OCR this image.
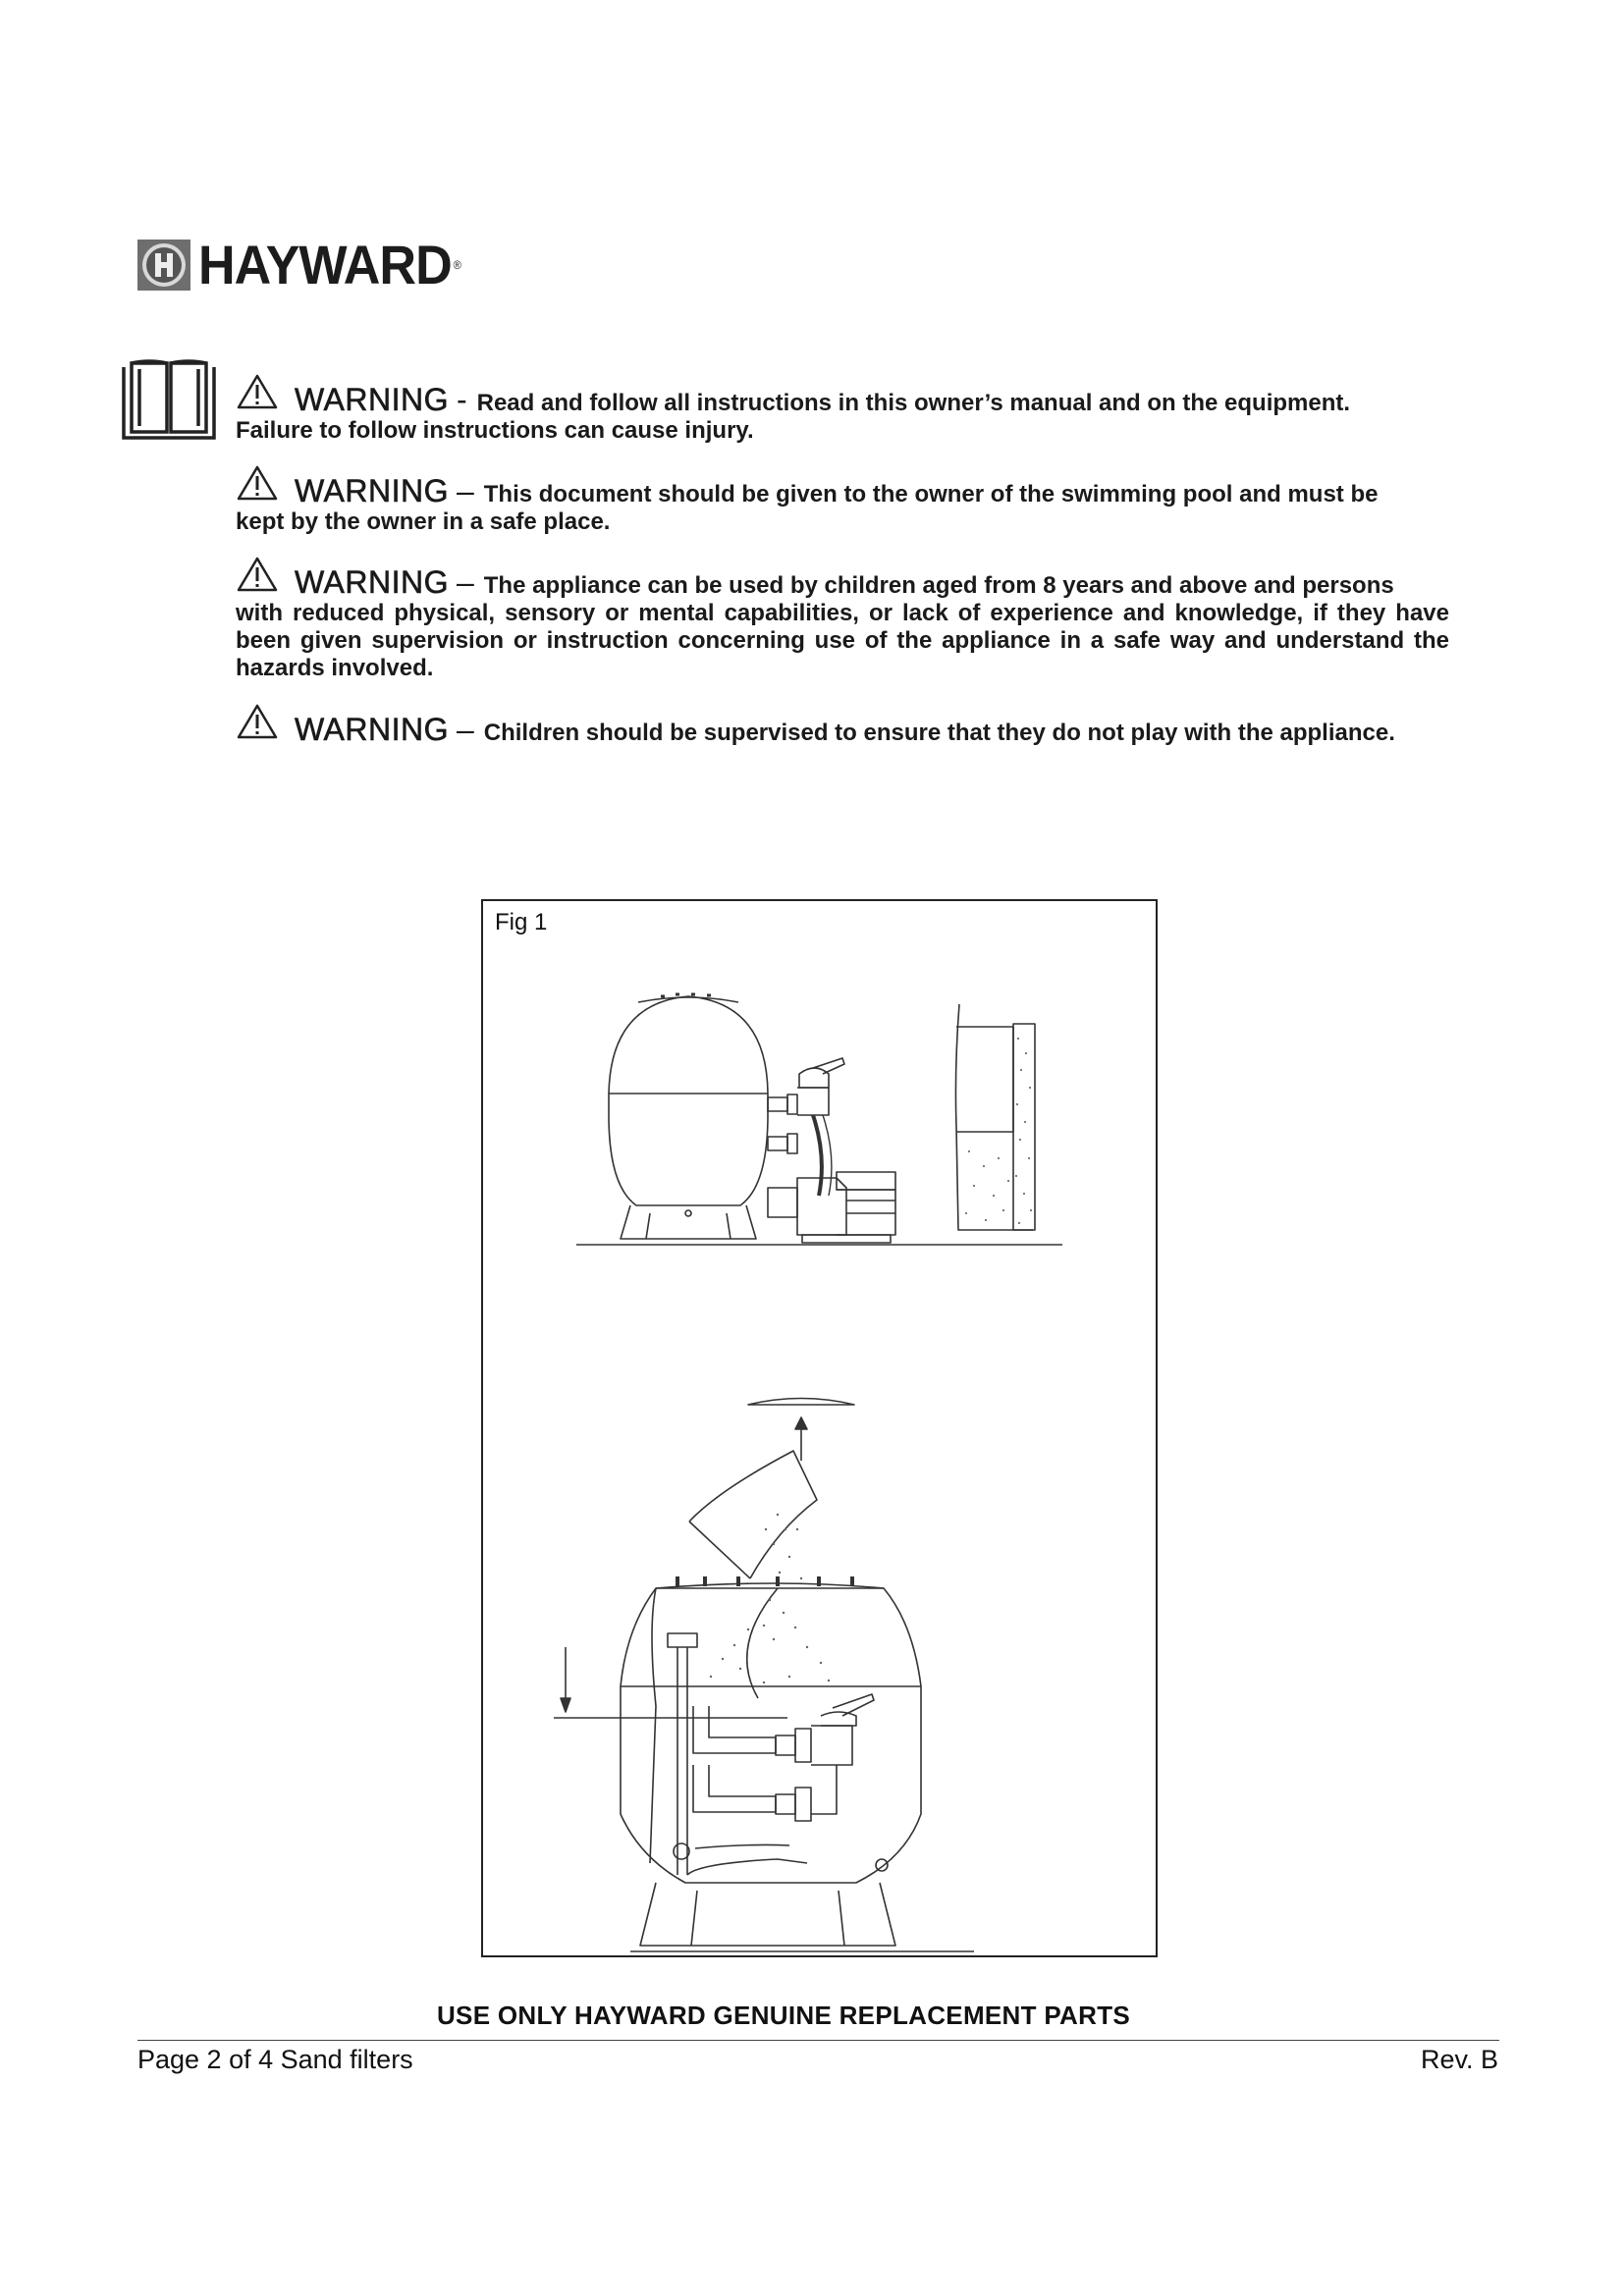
HAYWARD ®

WARNING - Read and follow all instructions in this owner’s manual and on the equipment.

Failure to follow instructions can cause injury.

WARNING – This document should be given to the owner of the swimming pool and must be

kept by the owner in a safe place.

WARNING – The appliance can be used by children aged from 8 years and above and persons

with reduced physical, sensory or mental capabilities, or lack of experience and knowledge, if they have been given supervision or instruction concerning use of the appliance in a safe way and understand the hazards involved.

WARNING – Children should be supervised to ensure that they do not play with the appliance.

Fig 1
USE ONLY HAYWARD GENUINE REPLACEMENT PARTS
Page 2 of 4 Sand filters	Rev. B
